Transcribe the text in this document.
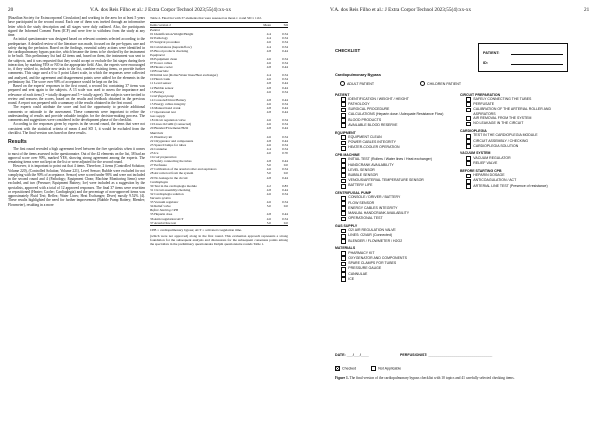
20	V.A. dos Reis Filho et al.: J Extra Corpor Technol 2023;55(4):xx-xx

[Brazilian Society for Extracorporeal Circulation] and working in the area for at least 5 years have participated in the second round. Each one of them was invited through an informative letter which the study description and all stages were duly outlined. Also, the participants signed the Informed Consent Form (ICF) and were free to withdraw from the study at any time.

An initial questionnaire was designed based on relevant contents selected according to the predeparture. A detailed review of the literature was made, focused on the pre-bypass care and safety during the perfusion. Based on the findings, essential safety actions were identified in the cardiopulmonary bypass practice, which became the items to be checked by the instrument to be built. This preliminary list had 42 items and, based on them, the instrument was sent to the subjects, and it was requested that they would accept or exclude the list stages during their interaction, by marking YES or NO in the appropriate field. Also, the experts were encouraged to, if they wished to, include new tasks to the list, combine existing items, or provide further comments. This stage used a 0 to 5 point Likert scale, in which the responses were collected and analyzed, and the agreement and disagreement points were added for the elements in the preliminary list. The score over 90% of acceptance would be kept on the list.

Based on the experts' responses in the first round, a second list containing 37 items was prepared and sent again to the subjects. A 13 scale was used to assess the importance and relevance of each item (1 = totally disagree and 5 = totally agree). The subjects were invited to review and reassess the scores, based on the results and feedback obtained in the previous round. A report was prepared with a summary of the results obtained in the first round.

The experts could attribute the score and had the opportunity to provide additional comments or rationale to the assessment. These comments were important to refine the understanding of results and provide valuable insights for the decision-making process. The comments and suggestions were considered in the development phase of the checklist.

According to the responses given by experts in the second round, the items that were not consistent with the statistical criteria of mean 4 and SD 1, it would be excluded from the checklist. The final version was based on these results.

Results

The first round revealed a high agreement level between the five specialists when it comes to most of the items assessed in the questionnaire. Out of the 42 elements on the list, 38 had an approval score over 90%, marked YES, showing strong agreement among the experts. The remaining items were not kept on the list or were adjusted for the second round.

However, it is important to point out that 4 items. Therefore, 2 items (Controlled Solution; Volume 220), (Controlled Solution; Volume 221), Level Sensor; Bubble were excluded for not complying with the 90% of acceptance. Sensor) were scored under 90% and were not included in the second round and 4 (Pathology; Equipment Clean; Machine Monitoring Items) were excluded, and two (Pressure; Equipment Battery; Ice) were included as a suggestion by the specialists, approved with a total of 12 approved responses. The final 37 items were rewritten or repositioned (Heater; Cooler; Cardioplegia) and the percentage of non-approved items was approximately Fluid Test; Reflex; Water Lines; Heat Exchanger; Diver) mostly 9.52% (4). These results highlighted the need for further improvement (Bubble Pump Battery; Blender; Flowmeter), resulting in a more

Table 2. Final list with 37 elements that were assessed as mean ≥ 4 and SD ≤ 1.02.
Items version 2	Mean	SD
Patient		
01 Identification/Weight/Height	4.4	0.54
02 Pathology	4.4	0.54
03 Surgical procedure	4.6	0.54
04 Calculations (heparin/flow)	4.4	0.54
05 Blood products checking	4.8	0.44
Equipment		
06 Equipment clean	4.6	0.54
07 Power cables	4.6	0.54
08 Heater-cooler	4.8	0.44
CPB machine		
09 Initial test (Roller/Water lines/Heat exchanger)	4.4	0.54
10 Hand crank	4.6	0.54
11 Level sensor	4.8	0.44
12 Bubble sensor	4.8	0.44
13 Battery	4.6	0.54
Centrifugal pump		
14 Console/Driver/Battery	4.8	0.44
15 Energy cables integrity	4.6	0.54
16 Manual hand crank	4.8	0.44
17 Operational test	4.8	0.44
Gas supply		
18 O2/air regulation valve	4.6	0.54
19 Lines O2/AIR (Connected)	4.6	0.54
20 Blender/Flowmeter/H2O	4.8	0.44
Materials		
21 Pharmacy kit	4.6	0.54
22 Oxygenator and components	4.8	0.44
23 Spare/Clamps for tubes	4.6	0.54
24 Cannulae	4.4	0.54
25 Ice	4.0	0.70
Circuit preparation		
26 Safely connecting the tubes	4.8	0.44
27 Perfusate	5.0	0.0
27 Calibration of the arterial roller and aspirators	4.6	0.54
28 Air removal from the system	5.0	0.0
29 No leakage in the circuit	4.8	0.44
Cardioplegia		
30 Test in the cardioplegia module	4.2	0.83
31 Circuit assembly/checking	4.8	0.44
32 Cardioplegia solution	4.6	0.54
Vacuum system		
33 Vacuum regulator	4.6	0.54
34 Relief valve	5.0	0.0
Before Starting CPB		
35 Heparin dose	4.8	0.44
36 Anticoagulation/ACT	4.6	0.54
37 Arterial line test	5.0	0.0
CPB = cardiopulmonary bypass; ACT = activated coagulation time.
(which were not approved) along in the first round. This evaluation approach represents a strong foundation for the subsequent analysis and discussions for the subsequent consensus points among the specialists in the preliminary questionnaire Delphi questionnaire rounds Table 1.
V.A. dos Reis Filho et al.: J Extra Corpor Technol 2023;55(4):xx-xx	21
CHECKLIST	PATIENT:
ID:
Cardiopulmonary Bypass
ADULT PATIENT	CHILDREN PATIENT
PATIENT
IDENTIFICATION / WEIGHT / HEIGHT
PATHOLOGY
SURGICAL PROCEDURE
CALCULATIONS (Heparin dose / Adequate Resistance Flow)
BLOOD PRODUCTS
AVAILABLE BLOOD RESERVE
EQUIPMENT
EQUIPMENT CLEAN
POWER CABLES INTEGRITY
HEATER-COOLER OPERATION
CPB MACHINE
INITIAL TEST (Rollers / Water lines / Heat exchanger)
HANDCRANK AVAILABILITY
LEVEL SENSOR
BUBBLE SENSOR
VENOUS/ARTERIAL TEMPERATURE SENSOR
BATTERY LIFE
CENTRIFUGAL PUMP
CONSOLE / DRIVER / BATTERY
FLOW SENSOR
ENERGY CABLES INTEGRITY
MANUAL HANDCRANK AVAILABILITY
OPERATIONAL TEST
GAS SUPPLY
O2/ AIR REGULATION VALVE
LINES: O2/AIR (Connected)
BLENDER / FLOWMETER / H2O2
MATERIALS
PHARMACY KIT
OXYGENATOR AND COMPONENTS
SPARE CLAMPS FOR TUBES
PRESSURE GAUGE
CANNULAE
ICE
CIRCUIT PREPARATION
SAFELY CONNECTING THE TUBES
PERFUSATE
CALIBRATION OF THE ARTERIAL ROLLER AND ASPIRATORS
AIR REMOVAL FROM THE SYSTEM
NO LEAKAGE IN THE CIRCUIT
CARDIOPLEGIA
TEST IN THE CARDIOPLEGIA MODULE
CIRCUIT ASSEMBLY / CHECKING
CARDIOPLEGIA SOLUTION
VACUUM SYSTEM
VACUUM REGULATOR
RELIEF VALVE
BEFORE STARTING CPB
HEPARIN DOSAGE
ANTICOAGULATION / ACT
ARTERIAL LINE TEST (Presence of resistance)
DATE: ___/___/____	PERFUSIONIST: ________________________________
Checked	Not Applicable
Figure 1. The final version of the cardiopulmonary bypass checklist with 10 topics and 41 carefully selected checking items.
